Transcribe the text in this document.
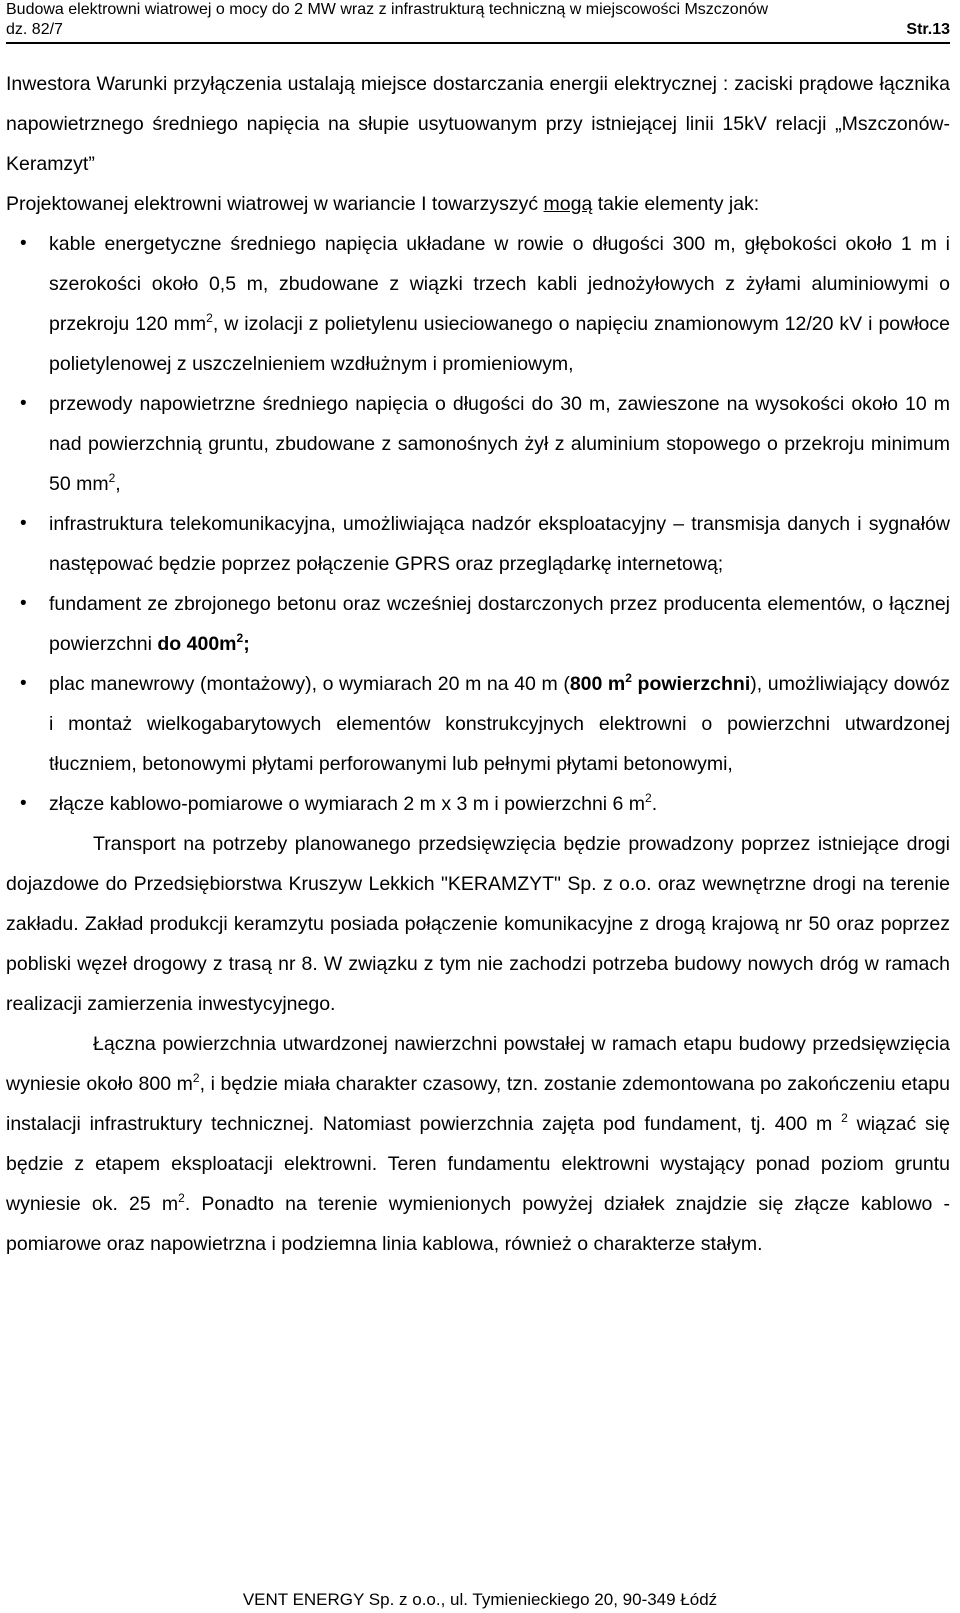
Budowa elektrowni wiatrowej o mocy do 2 MW wraz z infrastrukturą techniczną w miejscowości Mszczonów
dz. 82/7	Str.13

Inwestora Warunki przyłączenia ustalają miejsce dostarczania energii elektrycznej : zaciski prądowe łącznika napowietrznego średniego napięcia na słupie usytuowanym przy istniejącej linii 15kV relacji „Mszczonów-Keramzyt”

Projektowanej elektrowni wiatrowej w wariancie I towarzyszyć mogą takie elementy jak:

• kable energetyczne średniego napięcia układane w rowie o długości 300 m, głębokości około 1 m i szerokości około 0,5 m, zbudowane z wiązki trzech kabli jednożyłowych z żyłami aluminiowymi o przekroju 120 $mm^2$, w izolacji z polietylenu usieciowanego o napięciu znamionowym 12/20 kV i powłoce polietylenowej z uszczelnieniem wzdłużnym i promieniowym,
• przewody napowietrzne średniego napięcia o długości do 30 m, zawieszone na wysokości około 10 m nad powierzchnią gruntu, zbudowane z samonośnych żył z aluminium stopowego o przekroju minimum 50 $mm^2$,
• infrastruktura telekomunikacyjna, umożliwiająca nadzór eksploatacyjny – transmisja danych i sygnałów następować będzie poprzez połączenie GPRS oraz przeglądarkę internetową;
• fundament ze zbrojonego betonu oraz wcześniej dostarczonych przez producenta elementów, o łącznej powierzchni do $400m^2$;
• plac manewrowy (montażowy), o wymiarach 20 m na 40 m (800 $m^2$ powierzchni), umożliwiający dowóz i montaż wielkogabarytowych elementów konstrukcyjnych elektrowni o powierzchni utwardzonej tłuczniem, betonowymi płytami perforowanymi lub pełnymi płytami betonowymi,
• złącze kablowo-pomiarowe o wymiarach 2 m x 3 m i powierzchni 6 $m^2$.

Transport na potrzeby planowanego przedsięwzięcia będzie prowadzony poprzez istniejące drogi dojazdowe do Przedsiębiorstwa Kruszyw Lekkich "KERAMZYT" Sp. z o.o. oraz wewnętrzne drogi na terenie zakładu. Zakład produkcji keramzytu posiada połączenie komunikacyjne z drogą krajową nr 50 oraz poprzez pobliski węzeł drogowy z trasą nr 8. W związku z tym nie zachodzi potrzeba budowy nowych dróg w ramach realizacji zamierzenia inwestycyjnego.

Łączna powierzchnia utwardzonej nawierzchni powstałej w ramach etapu budowy przedsięwzięcia wyniesie około 800 $m^2$, i będzie miała charakter czasowy, tzn. zostanie zdemontowana po zakończeniu etapu instalacji infrastruktury technicznej. Natomiast powierzchnia zajęta pod fundament, tj. 400 m $^2$ wiązać się będzie z etapem eksploatacji elektrowni. Teren fundamentu elektrowni wystający ponad poziom gruntu wyniesie ok. 25 $m^2$. Ponadto na terenie wymienionych powyżej działek znajdzie się złącze kablowo - pomiarowe oraz napowietrzna i podziemna linia kablowa, również o charakterze stałym.

VENT ENERGY Sp. z o.o., ul. Tymienieckiego 20, 90-349 Łódź
